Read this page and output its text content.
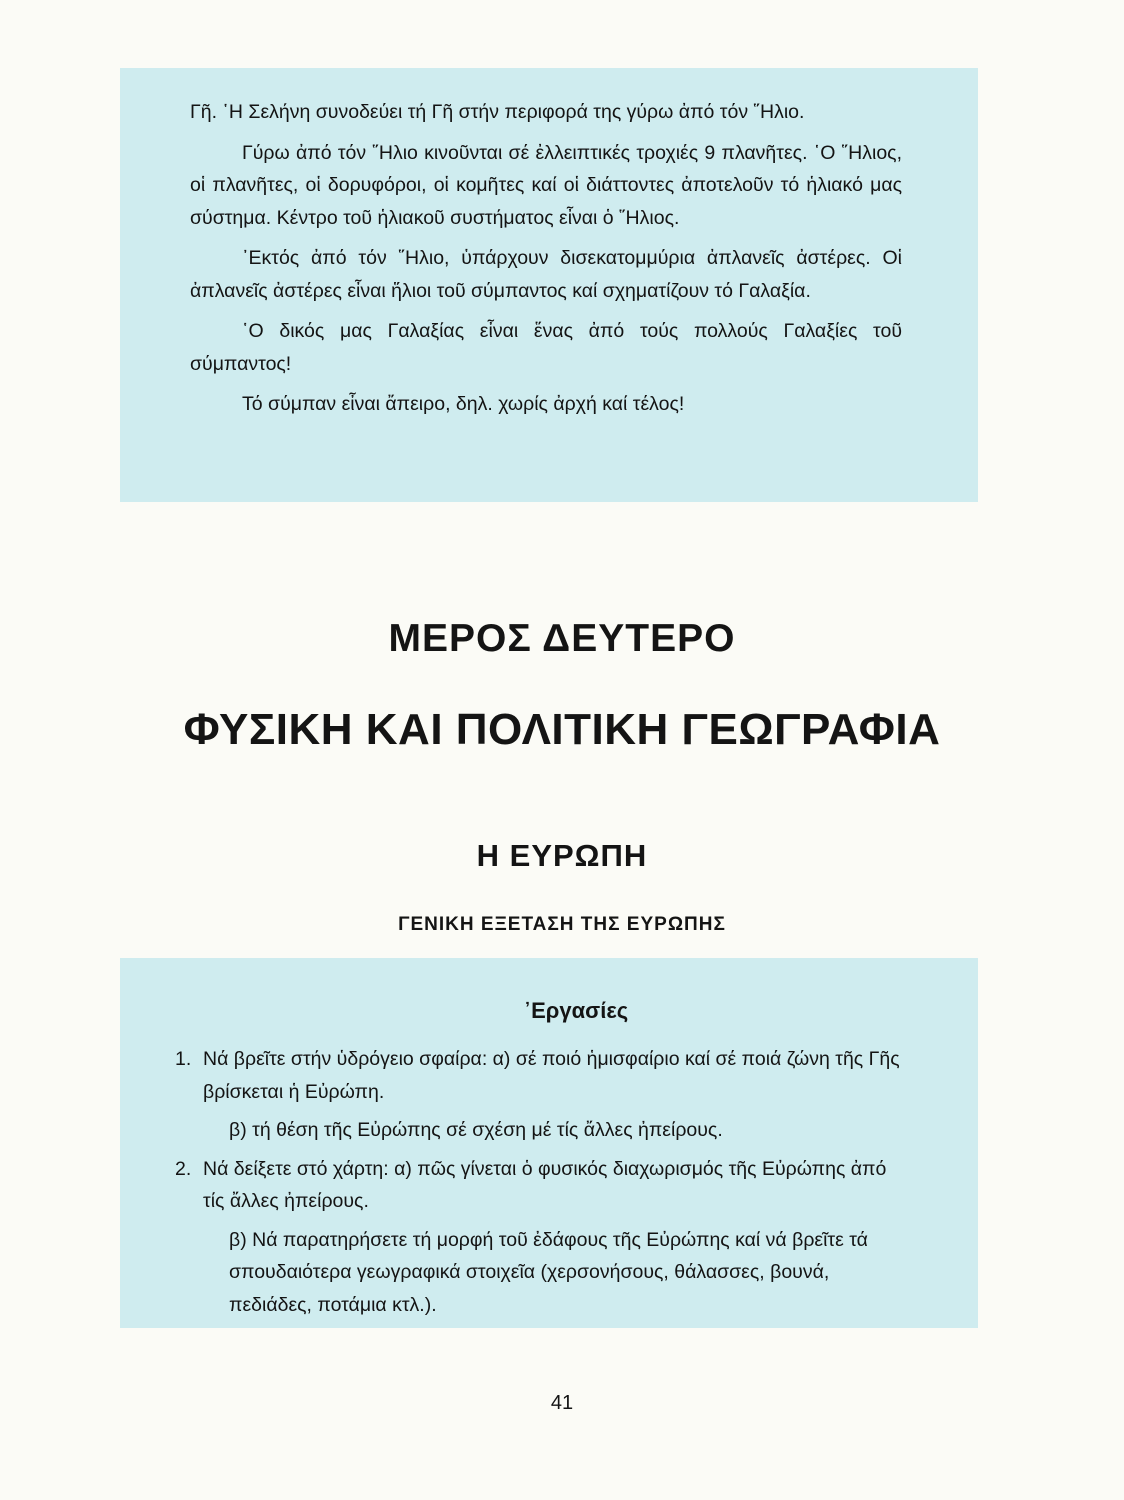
Γῆ. ῾Η Σελήνη συνοδεύει τή Γῆ στήν περιφορά της γύρω ἀπό τόν ῞Ηλιο.

Γύρω ἀπό τόν ῞Ηλιο κινοῦνται σέ ἐλλειπτικές τροχιές 9 πλανῆτες. ῾Ο ῞Ηλιος, οἱ πλανῆτες, οἱ δορυφόροι, οἱ κομῆτες καί οἱ διάττοντες ἀποτελοῦν τό ἡλιακό μας σύστημα. Κέντρο τοῦ ἡλιακοῦ συστήματος εἶναι ὁ ῞Ηλιος.

᾽Εκτός ἀπό τόν ῞Ηλιο, ὑπάρχουν δισεκατομμύρια ἀπλανεῖς ἀστέρες. Οἱ ἀπλανεῖς ἀστέρες εἶναι ἥλιοι τοῦ σύμπαντος καί σχηματίζουν τό Γαλαξία.

῾Ο δικός μας Γαλαξίας εἶναι ἕνας ἀπό τούς πολλούς Γαλαξίες τοῦ σύμπαντος!

Τό σύμπαν εἶναι ἄπειρο, δηλ. χωρίς ἀρχή καί τέλος!

ΜΕΡΟΣ ΔΕΥΤΕΡΟ
ΦΥΣΙΚΗ ΚΑΙ ΠΟΛΙΤΙΚΗ ΓΕΩΓΡΑΦΙΑ
Η ΕΥΡΩΠΗ
ΓΕΝΙΚΗ ΕΞΕΤΑΣΗ ΤΗΣ ΕΥΡΩΠΗΣ
᾽Εργασίες
1. Νά βρεῖτε στήν ὑδρόγειο σφαίρα: α) σέ ποιό ἡμισφαίριο καί σέ ποιά ζώνη τῆς Γῆς βρίσκεται ἡ Εὐρώπη.
β) τή θέση τῆς Εὐρώπης σέ σχέση μέ τίς ἄλλες ἠπείρους.
2. Νά δείξετε στό χάρτη: α) πῶς γίνεται ὁ φυσικός διαχωρισμός τῆς Εὐρώπης ἀπό τίς ἄλλες ἠπείρους.
β) Νά παρατηρήσετε τή μορφή τοῦ ἐδάφους τῆς Εὐρώπης καί νά βρεῖτε τά σπουδαιότερα γεωγραφικά στοιχεῖα (χερσονήσους, θάλασσες, βουνά, πεδιάδες, ποτάμια κτλ.).
41
